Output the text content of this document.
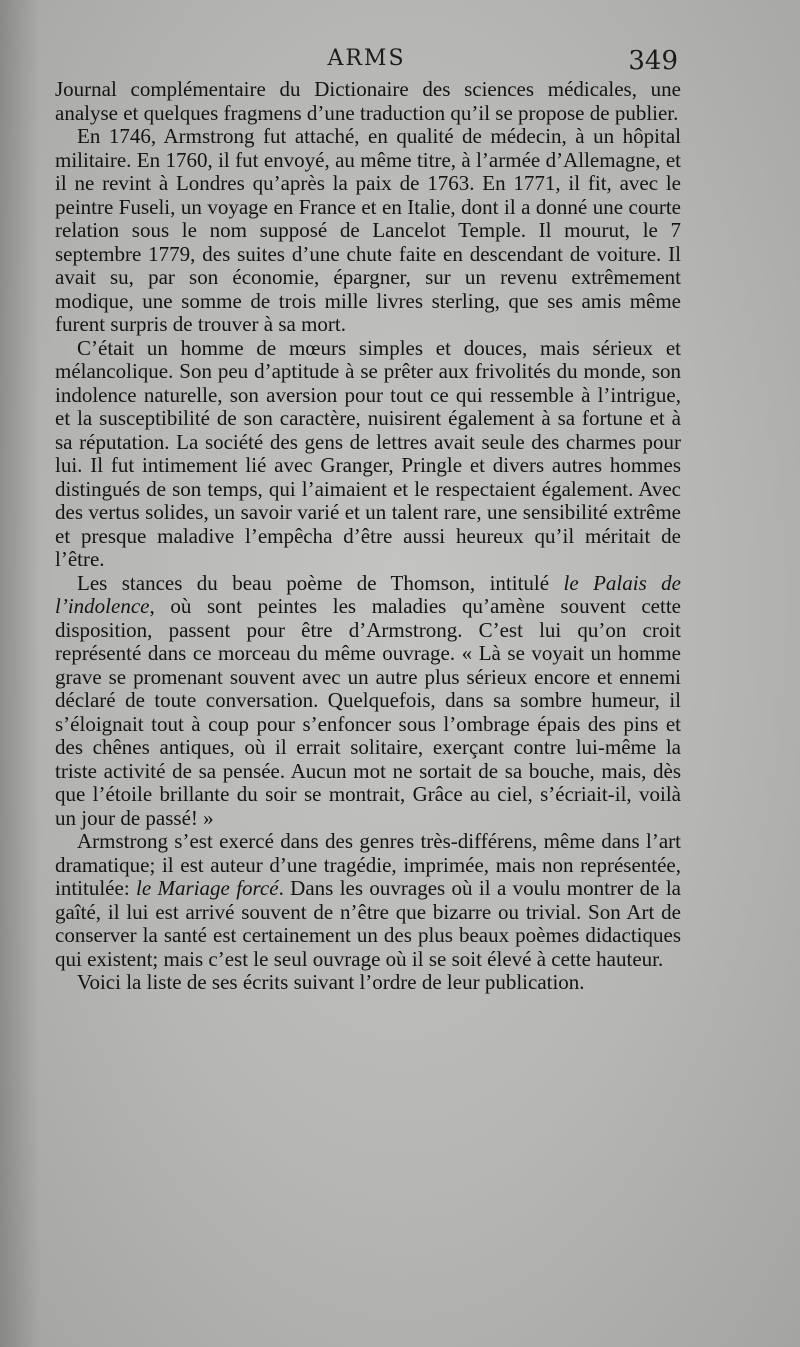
ARMS	349

Journal complémentaire du Dictionaire des sciences médicales, une analyse et quelques fragmens d’une traduction qu’il se propose de publier.

En 1746, Armstrong fut attaché, en qualité de médecin, à un hôpital militaire. En 1760, il fut envoyé, au même titre, à l’armée d’Allemagne, et il ne revint à Londres qu’après la paix de 1763. En 1771, il fit, avec le peintre Fuseli, un voyage en France et en Italie, dont il a donné une courte relation sous le nom supposé de Lancelot Temple. Il mourut, le 7 septembre 1779, des suites d’une chute faite en descendant de voiture. Il avait su, par son économie, épargner, sur un revenu extrêmement modique, une somme de trois mille livres sterling, que ses amis même furent surpris de trouver à sa mort.

C’était un homme de mœurs simples et douces, mais sérieux et mélancolique. Son peu d’aptitude à se prêter aux frivolités du monde, son indolence naturelle, son aversion pour tout ce qui ressemble à l’intrigue, et la susceptibilité de son caractère, nuisirent également à sa fortune et à sa réputation. La société des gens de lettres avait seule des charmes pour lui. Il fut intimement lié avec Granger, Pringle et divers autres hommes distingués de son temps, qui l’aimaient et le respectaient également. Avec des vertus solides, un savoir varié et un talent rare, une sensibilité extrême et presque maladive l’empêcha d’être aussi heureux qu’il méritait de l’être.

Les stances du beau poème de Thomson, intitulé le Palais de l’indolence, où sont peintes les maladies qu’amène souvent cette disposition, passent pour être d’Armstrong. C’est lui qu’on croit représenté dans ce morceau du même ouvrage. « Là se voyait un homme grave se promenant souvent avec un autre plus sérieux encore et ennemi déclaré de toute conversation. Quelquefois, dans sa sombre humeur, il s’éloignait tout à coup pour s’enfoncer sous l’ombrage épais des pins et des chênes antiques, où il errait solitaire, exerçant contre lui-même la triste activité de sa pensée. Aucun mot ne sortait de sa bouche, mais, dès que l’étoile brillante du soir se montrait, Grâce au ciel, s’écriait-il, voilà un jour de passé! »

Armstrong s’est exercé dans des genres très-différens, même dans l’art dramatique; il est auteur d’une tragédie, imprimée, mais non représentée, intitulée: le Mariage forcé. Dans les ouvrages où il a voulu montrer de la gaîté, il lui est arrivé souvent de n’être que bizarre ou trivial. Son Art de conserver la santé est certainement un des plus beaux poèmes didactiques qui existent; mais c’est le seul ouvrage où il se soit élevé à cette hauteur.

Voici la liste de ses écrits suivant l’ordre de leur publication.
